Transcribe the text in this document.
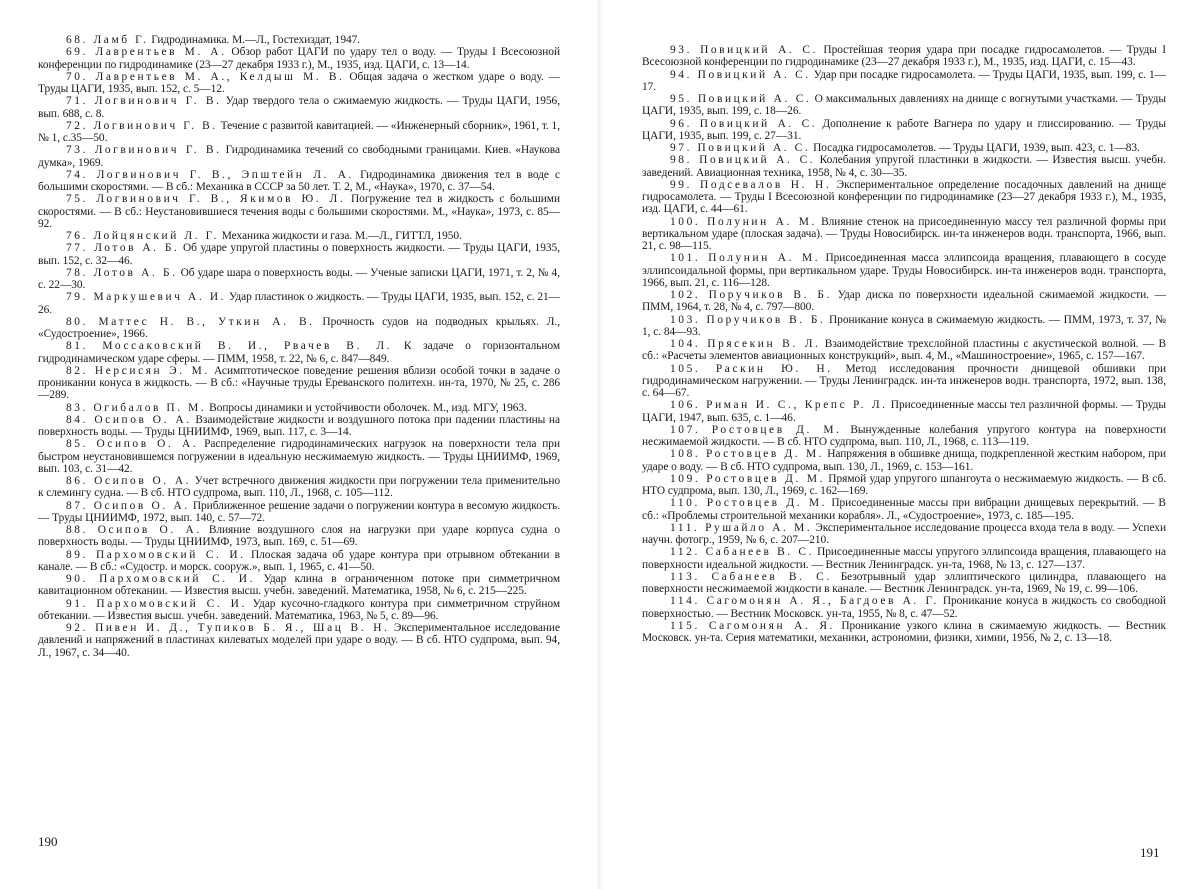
68. Ламб Г. Гидродинамика. М.—Л., Гостехиздат, 1947.

69. Лаврентьев М. А. Обзор работ ЦАГИ по удару тел о воду. — Труды I Всесоюзной конференции по гидродинамике (23—27 декабря 1933 г.), М., 1935, изд. ЦАГИ, с. 13—14.

70. Лаврентьев М. А., Келдыш М. В. Общая задача о жестком ударе о воду. — Труды ЦАГИ, 1935, вып. 152, с. 5—12.

71. Логвинович Г. В. Удар твердого тела о сжимаемую жидкость. — Труды ЦАГИ, 1956, вып. 688, с. 8.

72. Логвинович Г. В. Течение с развитой кавитацией. — «Инженерный сборник», 1961, т. 1, № 1, с.35—50.

73. Логвинович Г. В. Гидродинамика течений со свободными границами. Киев. «Наукова думка», 1969.

74. Логвинович Г. В., Эпштейн Л. А. Гидродинамика движения тел в воде с большими скоростями. — В сб.: Механика в СССР за 50 лет. Т. 2, М., «Наука», 1970, с. 37—54.

75. Логвинович Г. В., Якимов Ю. Л. Погружение тел в жидкость с большими скоростями. — В сб.: Неустановившиеся течения воды с большими скоростями. М., «Наука», 1973, с. 85—92.

76. Лойцянский Л. Г. Механика жидкости и газа. М.—Л., ГИТТЛ, 1950.

77. Лотов А. Б. Об ударе упругой пластины о поверхность жидкости. — Труды ЦАГИ, 1935, вып. 152, с. 32—46.

78. Лотов А. Б. Об ударе шара о поверхность воды. — Ученые записки ЦАГИ, 1971, т. 2, № 4, с. 22—30.

79. Маркушевич А. И. Удар пластинок о жидкость. — Труды ЦАГИ, 1935, вып. 152, с. 21—26.

80. Маттес Н. В., Уткин А. В. Прочность судов на подводных крыльях. Л., «Судостроение», 1966.

81. Моссаковский В. И., Рвачев В. Л. К задаче о горизонтальном гидродинамическом ударе сферы. — ПММ, 1958, т. 22, № 6, с. 847—849.

82. Нерсисян Э. М. Асимптотическое поведение решения вблизи особой точки в задаче о проникании конуса в жидкость. — В сб.: «Научные труды Ереванского политехн. ин-та, 1970, № 25, с. 286—289.

83. Огибалов П. М. Вопросы динамики и устойчивости оболочек. М., изд. МГУ, 1963.

84. Осипов О. А. Взаимодействие жидкости и воздушного потока при падении пластины на поверхность воды. — Труды ЦНИИМФ, 1969, вып. 117, с. 3—14.

85. Осипов О. А. Распределение гидродинамических нагрузок на поверхности тела при быстром неустановившемся погружении в идеальную несжимаемую жидкость. — Труды ЦНИИМФ, 1969, вып. 103, с. 31—42.

86. Осипов О. А. Учет встречного движения жидкости при погружении тела применительно к слемингу судна. — В сб. НТО судпрома, вып. 110, Л., 1968, с. 105—112.

87. Осипов О. А. Приближенное решение задачи о погружении контура в весомую жидкость. — Труды ЦНИИМФ, 1972, вып. 140, с. 57—72.

88. Осипов О. А. Влияние воздушного слоя на нагрузки при ударе корпуса судна о поверхность воды. — Труды ЦНИИМФ, 1973, вып. 169, с. 51—69.

89. Пархомовский С. И. Плоская задача об ударе контура при отрывном обтекании в канале. — В сб.: «Судостр. и морск. сооруж.», вып. 1, 1965, с. 41—50.

90. Пархомовский С. И. Удар клина в ограниченном потоке при симметричном кавитационном обтекании. — Известия высш. учебн. заведений. Математика, 1958, № 6, с. 215—225.

91. Пархомовский С. И. Удар кусочно-гладкого контура при симметричном струйном обтекании. — Известия высш. учебн. заведений. Математика, 1963, № 5, с. 89—96.

92. Пивен И. Д., Тупиков Б. Я., Шац В. Н. Экспериментальное исследование давлений и напряжений в пластинах килеватых моделей при ударе о воду. — В сб. НТО судпрома, вып. 94, Л., 1967, с. 34—40.

190

93. Повицкий А. С. Простейшая теория удара при посадке гидросамолетов. — Труды I Всесоюзной конференции по гидродинамике (23—27 декабря 1933 г.), М., 1935, изд. ЦАГИ, с. 15—43.

94. Повицкий А. С. Удар при посадке гидросамолета. — Труды ЦАГИ, 1935, вып. 199, с. 1—17.

95. Повицкий А. С. О максимальных давлениях на днище с вогнутыми участками. — Труды ЦАГИ, 1935, вып. 199, с. 18—26.

96. Повицкий А. С. Дополнение к работе Вагнера по удару и глиссированию. — Труды ЦАГИ, 1935, вып. 199, с. 27—31.

97. Повицкий А. С. Посадка гидросамолетов. — Труды ЦАГИ, 1939, вып. 423, с. 1—83.

98. Повицкий А. С. Колебания упругой пластинки в жидкости. — Известия высш. учебн. заведений. Авиационная техника, 1958, № 4, с. 30—35.

99. Подсевалов Н. Н. Экспериментальное определение посадочных давлений на днище гидросамолета. — Труды I Всесоюзной конференции по гидродинамике (23—27 декабря 1933 г.), М., 1935, изд. ЦАГИ, с. 44—61.

100. Полунин А. М. Влияние стенок на присоединенную массу тел различной формы при вертикальном ударе (плоская задача). — Труды Новосибирск. ин-та инженеров водн. транспорта, 1966, вып. 21, с. 98—115.

101. Полунин А. М. Присоединенная масса эллипсоида вращения, плавающего в сосуде эллипсоидальной формы, при вертикальном ударе. Труды Новосибирск. ин-та инженеров водн. транспорта, 1966, вып. 21, с. 116—128.

102. Поручиков В. Б. Удар диска по поверхности идеальной сжимаемой жидкости. — ПММ, 1964, т. 28, № 4, с. 797—800.

103. Поручиков В. Б. Проникание конуса в сжимаемую жидкость. — ПММ, 1973, т. 37, № 1, с. 84—93.

104. Прясекин В. Л. Взаимодействие трехслойной пластины с акустической волной. — В сб.: «Расчеты элементов авиационных конструкций», вып. 4, М., «Машиностроение», 1965, с. 157—167.

105. Раскин Ю. Н. Метод исследования прочности днищевой обшивки при гидродинамическом нагружении. — Труды Ленинградск. ин-та инженеров водн. транспорта, 1972, вып. 138, с. 64—67.

106. Риман И. С., Крепс Р. Л. Присоединенные массы тел различной формы. — Труды ЦАГИ, 1947, вып. 635, с. 1—46.

107. Ростовцев Д. М. Вынужденные колебания упругого контура на поверхности несжимаемой жидкости. — В сб. НТО судпрома, вып. 110, Л., 1968, с. 113—119.

108. Ростовцев Д. М. Напряжения в обшивке днища, подкрепленной жестким набором, при ударе о воду. — В сб. НТО судпрома, вып. 130, Л., 1969, с. 153—161.

109. Ростовцев Д. М. Прямой удар упругого шпангоута о несжимаемую жидкость. — В сб. НТО судпрома, вып. 130, Л., 1969, с. 162—169.

110. Ростовцев Д. М. Присоединенные массы при вибрации днищевых перекрытий. — В сб.: «Проблемы строительной механики корабля». Л., «Судостроение», 1973, с. 185—195.

111. Рушайло А. М. Экспериментальное исследование процесса входа тела в воду. — Успехи научн. фотогр., 1959, № 6, с. 207—210.

112. Сабанеев В. С. Присоединенные массы упругого эллипсоида вращения, плавающего на поверхности идеальной жидкости. — Вестник Ленинградск. ун-та, 1968, № 13, с. 127—137.

113. Сабанеев В. С. Безотрывный удар эллиптического цилиндра, плавающего на поверхности несжимаемой жидкости в канале. — Вестник Ленинградск. ун-та, 1969, № 19, с. 99—106.

114. Сагомонян А. Я., Багдоев А. Г. Проникание конуса в жидкость со свободной поверхностью. — Вестник Московск. ун-та, 1955, № 8, с. 47—52.

115. Сагомонян А. Я. Проникание узкого клина в сжимаемую жидкость. — Вестник Московск. ун-та. Серия математики, механики, астрономии, физики, химии, 1956, № 2, с. 13—18.

191
